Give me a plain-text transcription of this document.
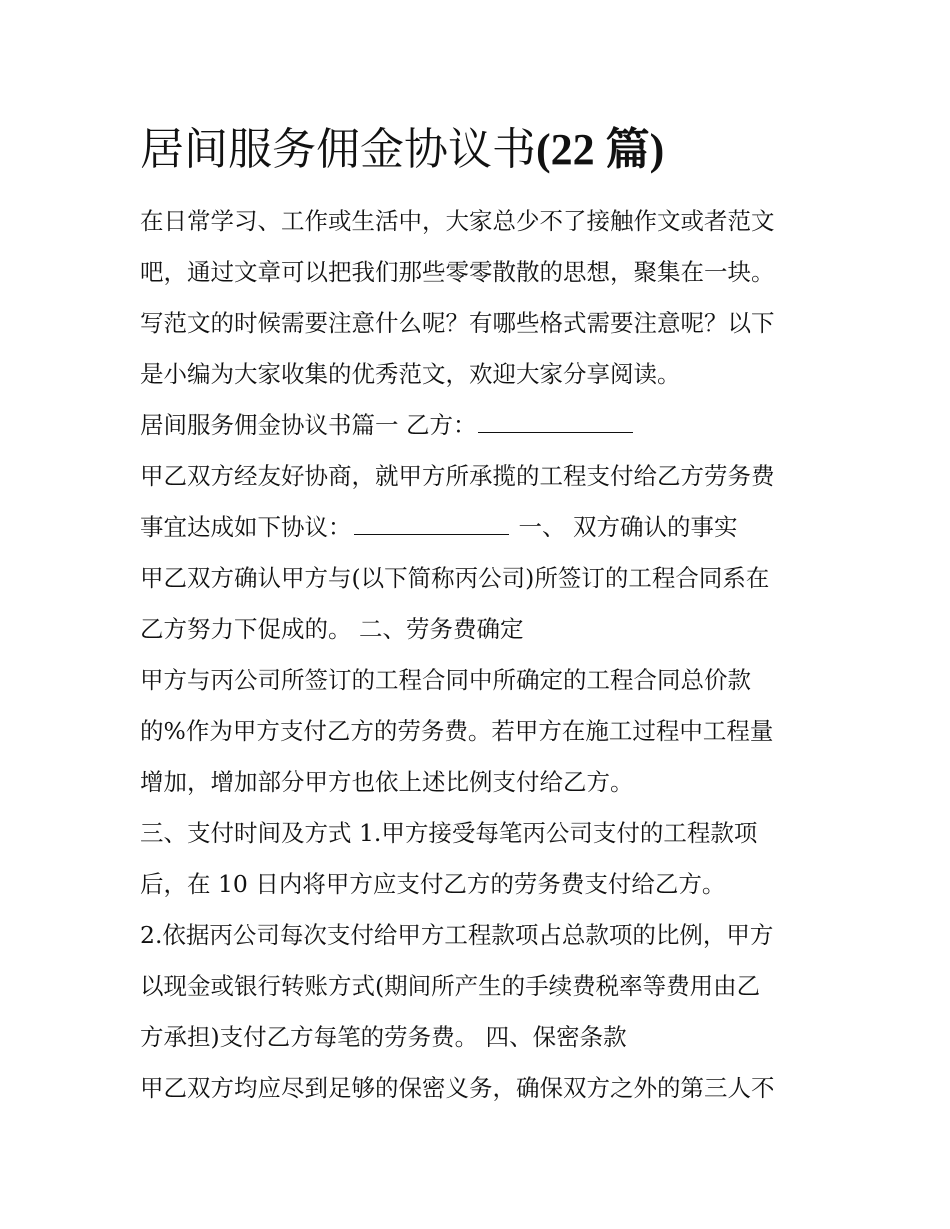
居间服务佣金协议书(22 篇)
在日常学习、工作或生活中，大家总少不了接触作文或者范文
吧，通过文章可以把我们那些零零散散的思想，聚集在一块。
写范文的时候需要注意什么呢？有哪些格式需要注意呢？以下
是小编为大家收集的优秀范文，欢迎大家分享阅读。
居间服务佣金协议书篇一 乙方：
甲乙双方经友好协商，就甲方所承揽的工程支付给乙方劳务费
事宜达成如下协议：	一、 双方确认的事实
甲乙双方确认甲方与(以下简称丙公司)所签订的工程合同系在
乙方努力下促成的。 二、劳务费确定
甲方与丙公司所签订的工程合同中所确定的工程合同总价款
的%作为甲方支付乙方的劳务费。若甲方在施工过程中工程量
增加，增加部分甲方也依上述比例支付给乙方。
三、支付时间及方式 1.甲方接受每笔丙公司支付的工程款项
后，在 10 日内将甲方应支付乙方的劳务费支付给乙方。
2.依据丙公司每次支付给甲方工程款项占总款项的比例，甲方
以现金或银行转账方式(期间所产生的手续费税率等费用由乙
方承担)支付乙方每笔的劳务费。 四、保密条款
甲乙双方均应尽到足够的保密义务，确保双方之外的第三人不
